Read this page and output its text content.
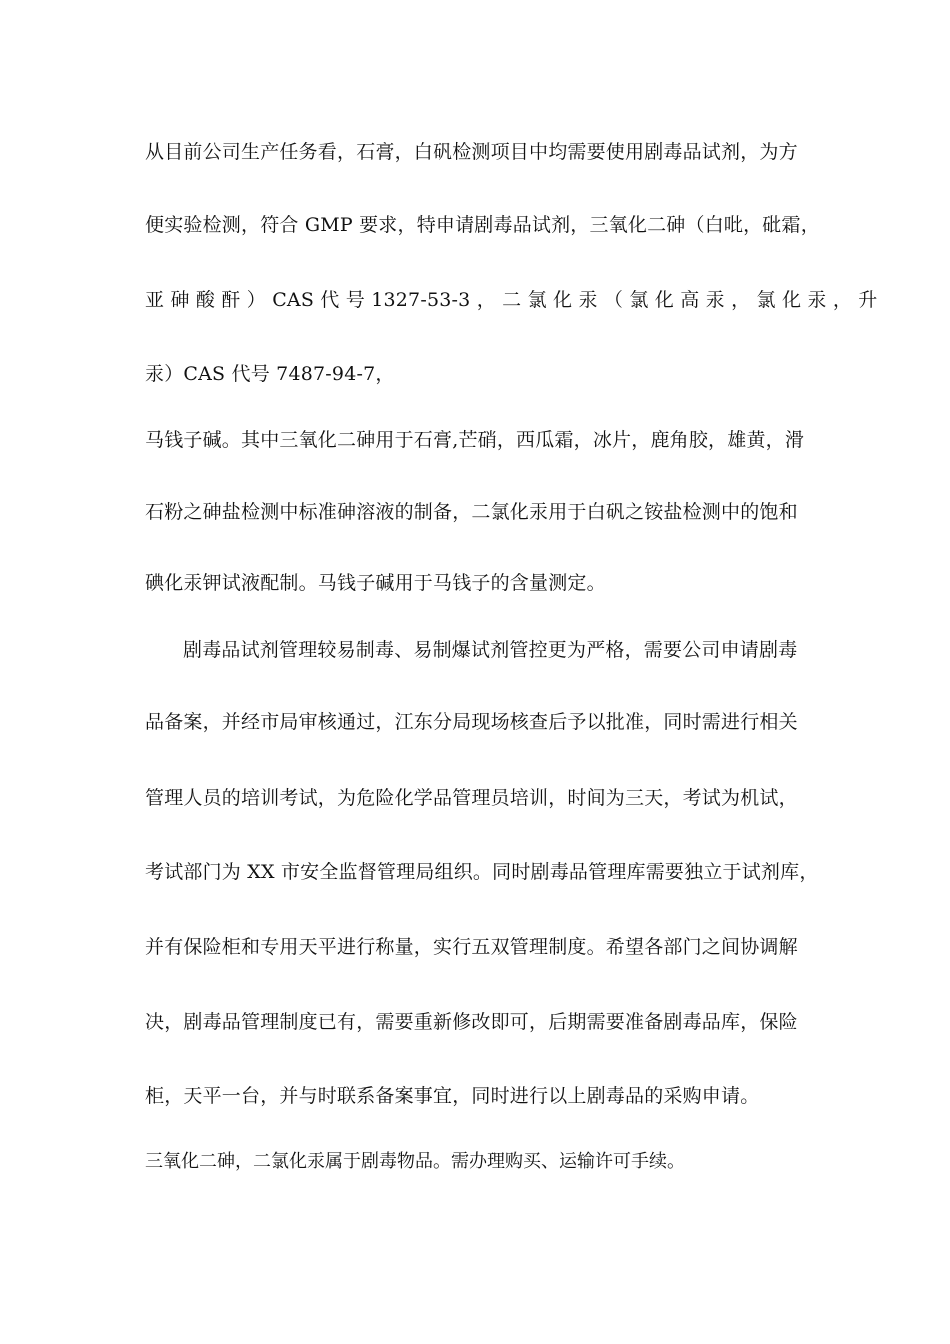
从目前公司生产任务看，石膏，白矾检测项目中均需要使用剧毒品试剂，为方
便实验检测，符合 GMP 要求，特申请剧毒品试剂，三氧化二砷（白吡，砒霜，
亚 砷 酸 酐 ） CAS 代 号 1327-53-3 ， 二 氯 化 汞 （ 氯 化 高 汞 ， 氯 化 汞 ， 升
汞）CAS 代号 7487-94-7，
马钱子碱。其中三氧化二砷用于石膏,芒硝，西瓜霜，冰片，鹿角胶，雄黄，滑
石粉之砷盐检测中标准砷溶液的制备，二氯化汞用于白矾之铵盐检测中的饱和
碘化汞钾试液配制。马钱子碱用于马钱子的含量测定。
剧毒品试剂管理较易制毒、易制爆试剂管控更为严格，需要公司申请剧毒
品备案，并经市局审核通过，江东分局现场核查后予以批准，同时需进行相关
管理人员的培训考试，为危险化学品管理员培训，时间为三天，考试为机试，
考试部门为 XX 市安全监督管理局组织。同时剧毒品管理库需要独立于试剂库，
并有保险柜和专用天平进行称量，实行五双管理制度。希望各部门之间协调解
决，剧毒品管理制度已有，需要重新修改即可，后期需要准备剧毒品库，保险
柜，天平一台，并与时联系备案事宜，同时进行以上剧毒品的采购申请。
三氧化二砷，二氯化汞属于剧毒物品。需办理购买、运输许可手续。
